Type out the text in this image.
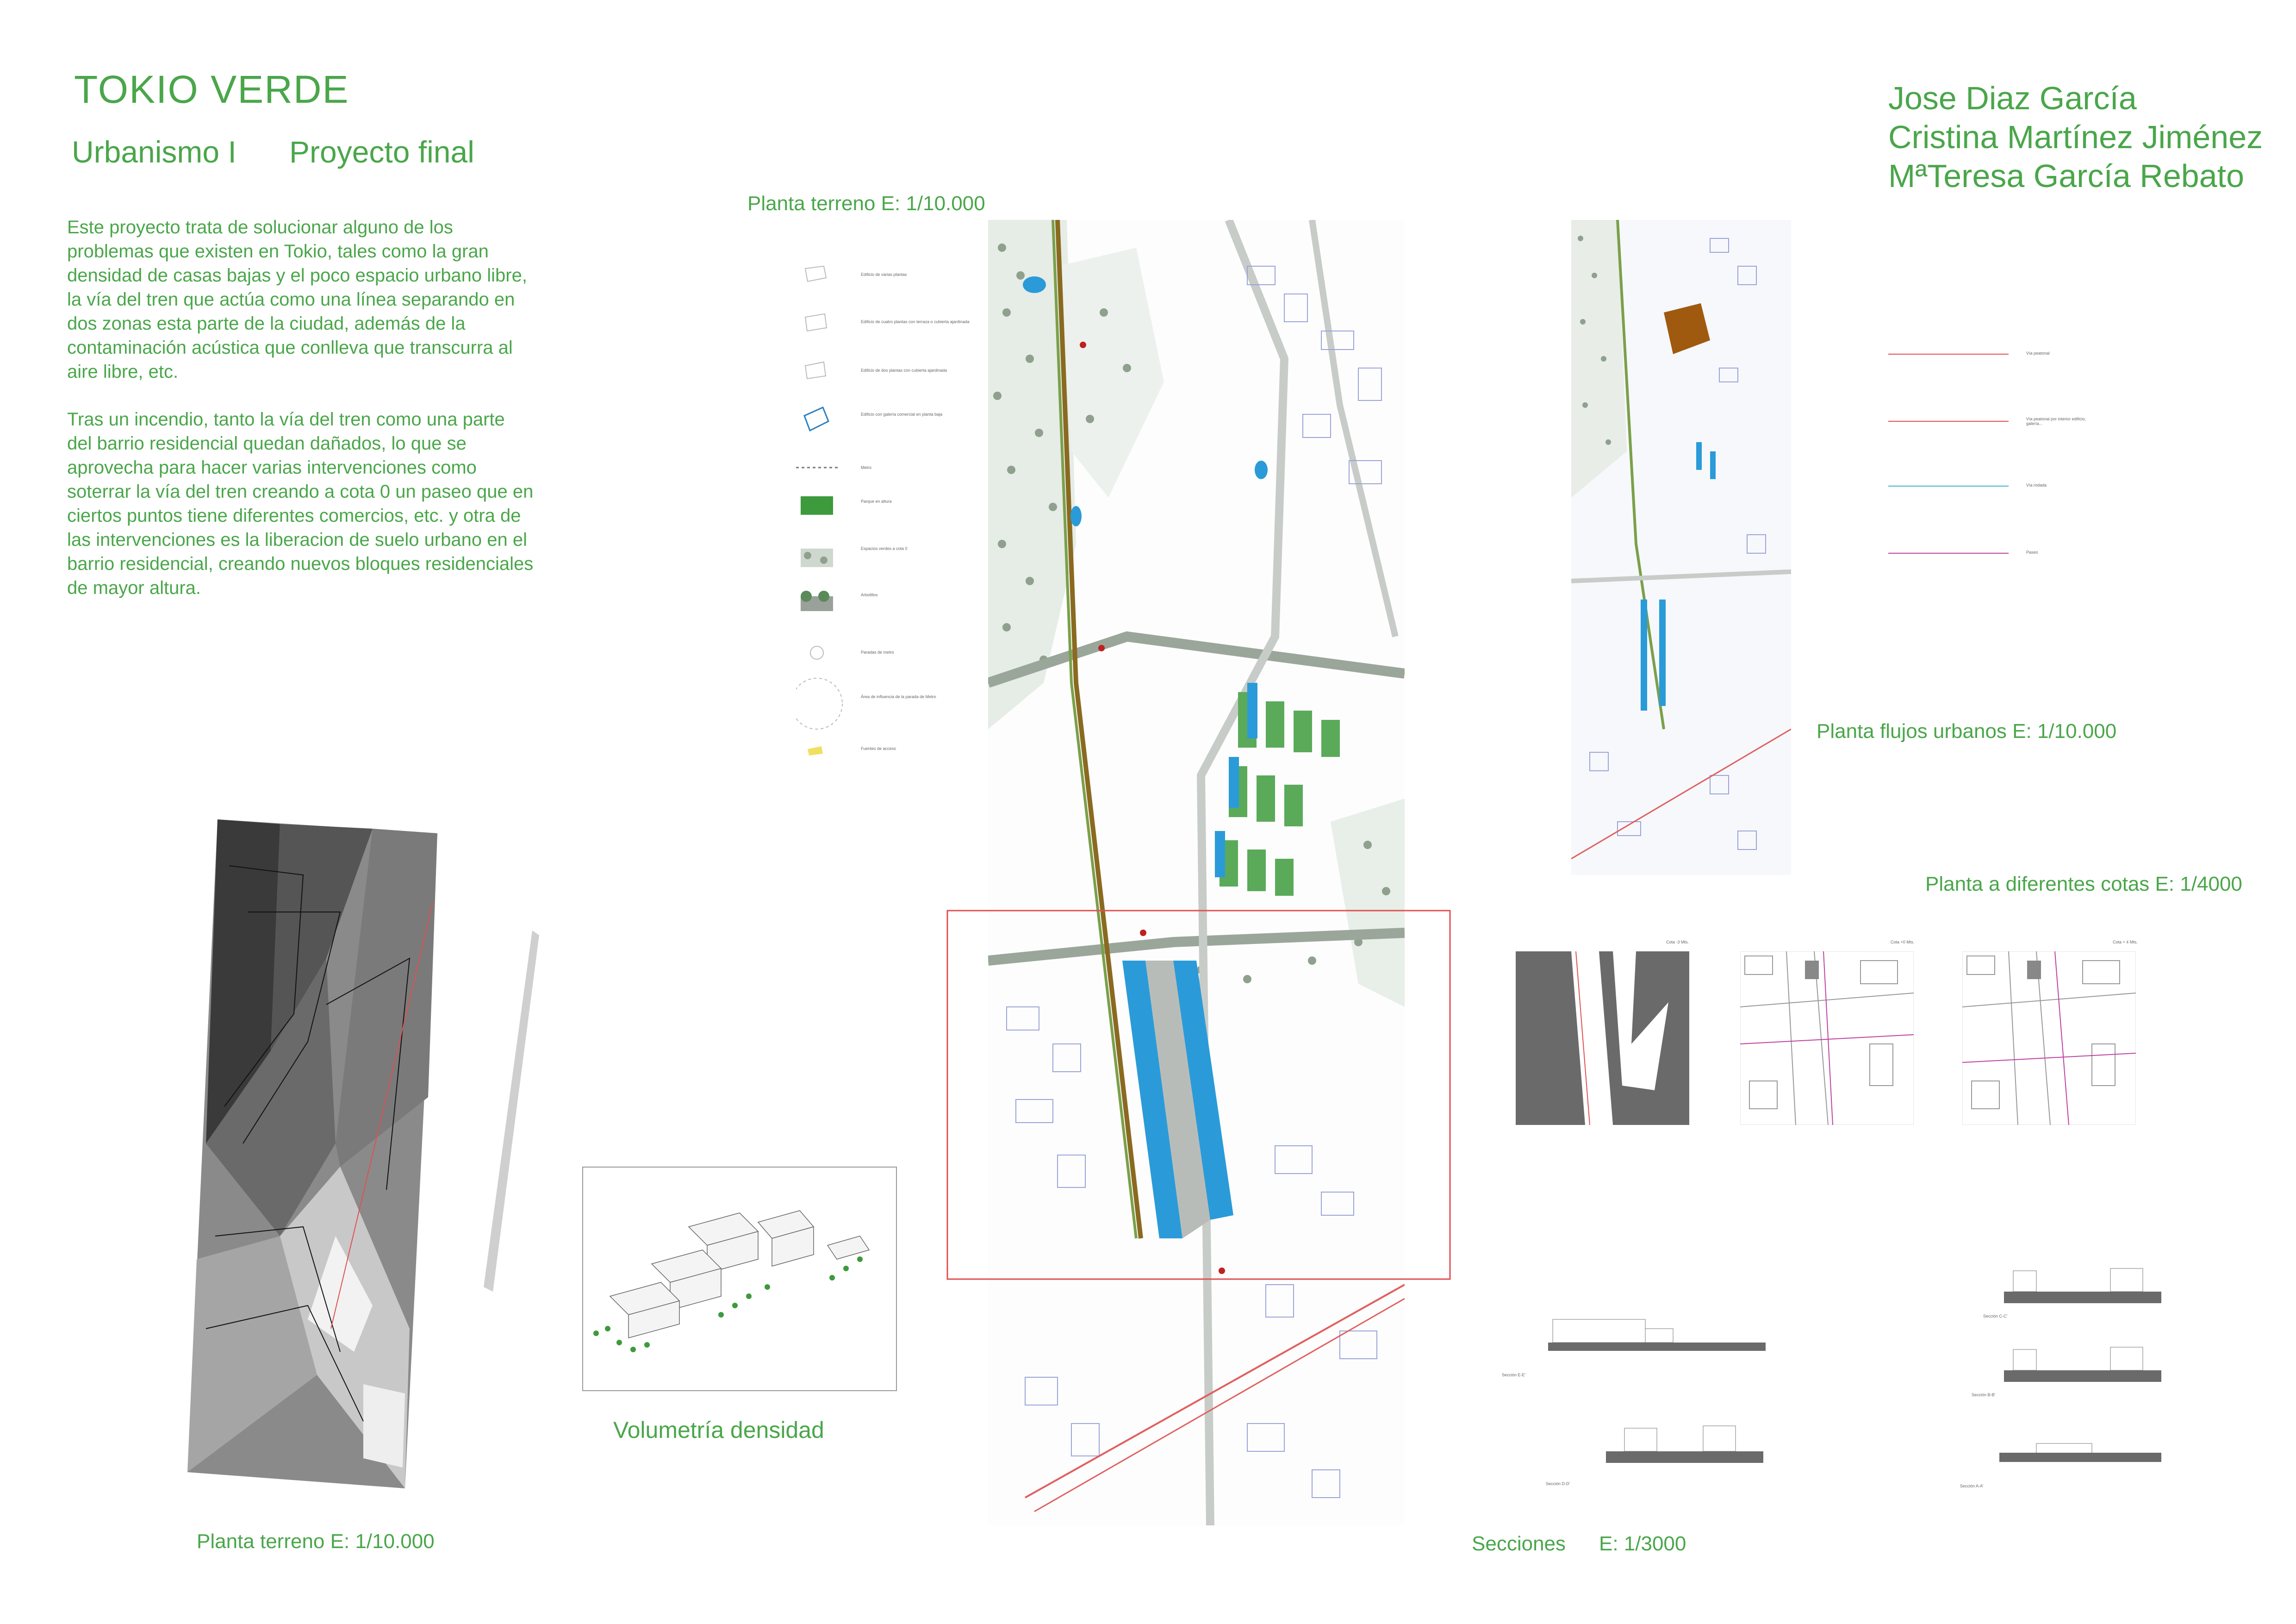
TOKIO VERDE
Urbanismo I Proyecto final
Jose Diaz García
Cristina Martínez Jiménez
MªTeresa García Rebato
Este proyecto trata de solucionar alguno de los problemas que existen en Tokio, tales como la gran densidad de casas bajas y el poco espacio urbano libre, la vía del tren que actúa como una línea separando en dos zonas esta parte de la ciudad, además de la contaminación acústica que conlleva que transcurra al aire libre, etc.
Tras un incendio, tanto la vía del tren como una parte del barrio residencial quedan dañados, lo que se aprovecha para hacer varias intervenciones como soterrar la vía del tren creando a cota 0 un paseo que en ciertos puntos tiene diferentes comercios, etc. y otra de las intervenciones es la liberacion de suelo urbano en el barrio residencial, creando nuevos bloques residenciales de mayor altura.
Planta terreno E: 1/10.000
Planta flujos urbanos E: 1/10.000
Planta a diferentes cotas E: 1/4000
Planta terreno E: 1/10.000
Volumetría densidad
Secciones E: 1/3000
Edificio de varias plantas
Edificio de cuatro plantas con terraza o cubierta ajardinada
Edificio de dos plantas con cubierta ajardinada
Edificio con galería comercial en planta baja
Metro
Parque en altura
Espacios verdes a cota 0
Arbolillos
Paradas de metro
Área de influencia de la parada de Metro
Fuentes de acceso
Vía peatonal
Vía peatonal por interior edificio, galería...
Vía rodada
Paseo
Cota -3 Mts.	Cota +0 Mts.	Cota + 4 Mts.
Sección E-E'
Sección D-D'
Sección C-C'
Sección B-B'
Sección A-A'
